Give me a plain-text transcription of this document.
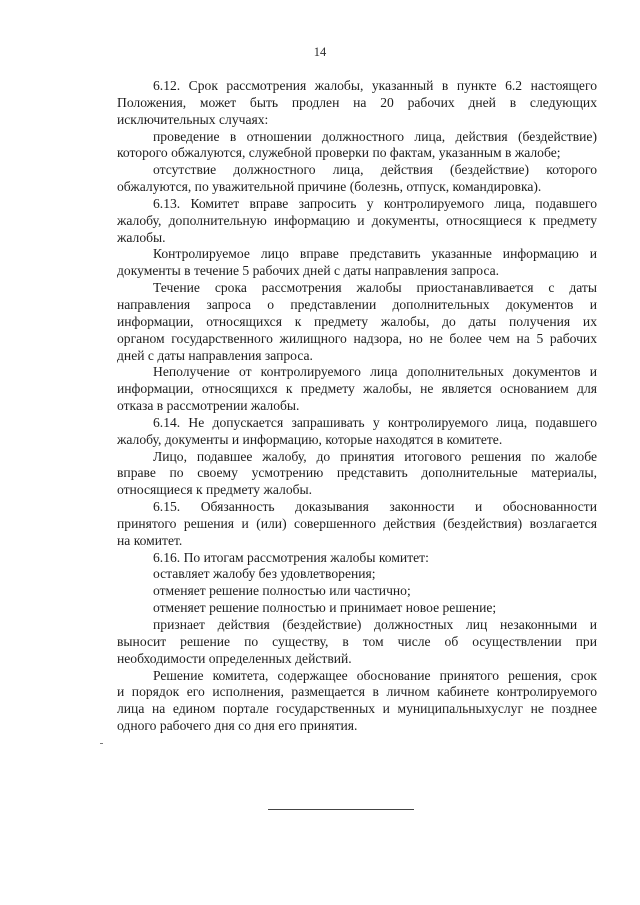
14
6.12. Срок рассмотрения жалобы, указанный в пункте 6.2 настоящего
Положения, может быть продлен на 20 рабочих дней в следующих
исключительных случаях:
проведение в отношении должностного лица, действия (бездействие)
которого обжалуются, служебной проверки по фактам, указанным в жалобе;
отсутствие должностного лица, действия (бездействие) которого
обжалуются, по уважительной причине (болезнь, отпуск, командировка).
6.13. Комитет вправе запросить у контролируемого лица, подавшего
жалобу, дополнительную информацию и документы, относящиеся к предмету
жалобы.
Контролируемое лицо вправе представить указанные информацию и
документы в течение 5 рабочих дней с даты направления запроса.
Течение срока рассмотрения жалобы приостанавливается с даты
направления запроса о представлении дополнительных документов и
информации, относящихся к предмету жалобы, до даты получения их
органом государственного жилищного надзора, но не более чем на 5 рабочих
дней с даты направления запроса.
Неполучение от контролируемого лица дополнительных документов и
информации, относящихся к предмету жалобы, не является основанием для
отказа в рассмотрении жалобы.
6.14. Не допускается запрашивать у контролируемого лица, подавшего
жалобу, документы и информацию, которые находятся в комитете.
Лицо, подавшее жалобу, до принятия итогового решения по жалобе
вправе по своему усмотрению представить дополнительные материалы,
относящиеся к предмету жалобы.
6.15. Обязанность доказывания законности и обоснованности
принятого решения и (или) совершенного действия (бездействия) возлагается
на комитет.
6.16. По итогам рассмотрения жалобы комитет:
оставляет жалобу без удовлетворения;
отменяет решение полностью или частично;
отменяет решение полностью и принимает новое решение;
признает действия (бездействие) должностных лиц незаконными и
выносит решение по существу, в том числе об осуществлении при
необходимости определенных действий.
Решение комитета, содержащее обоснование принятого решения, срок
и порядок его исполнения, размещается в личном кабинете контролируемого
лица на едином портале государственных и муниципальныхуслуг не позднее
одного рабочего дня со дня его принятия.
